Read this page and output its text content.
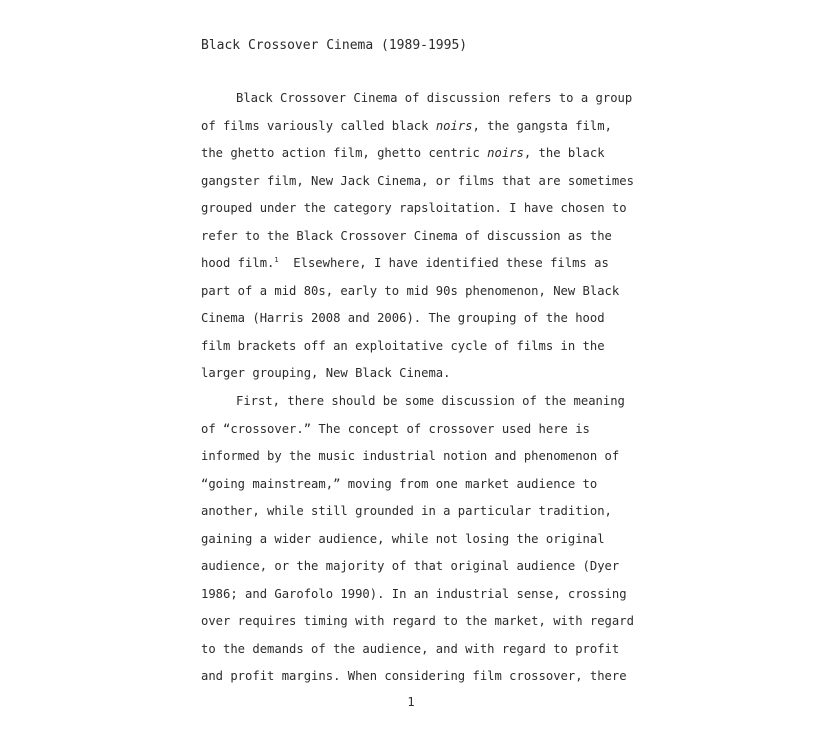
Black Crossover Cinema (1989-1995)
Black Crossover Cinema of discussion refers to a group
of films variously called black noirs, the gangsta film,
the ghetto action film, ghetto centric noirs, the black
gangster film, New Jack Cinema, or films that are sometimes
grouped under the category rapsloitation. I have chosen to
refer to the Black Crossover Cinema of discussion as the
hood film.$^1$  Elsewhere, I have identified these films as
part of a mid 80s, early to mid 90s phenomenon, New Black
Cinema (Harris 2008 and 2006). The grouping of the hood
film brackets off an exploitative cycle of films in the
larger grouping, New Black Cinema.
First, there should be some discussion of the meaning
of “crossover.” The concept of crossover used here is
informed by the music industrial notion and phenomenon of
“going mainstream,” moving from one market audience to
another, while still grounded in a particular tradition,
gaining a wider audience, while not losing the original
audience, or the majority of that original audience (Dyer
1986; and Garofolo 1990). In an industrial sense, crossing
over requires timing with regard to the market, with regard
to the demands of the audience, and with regard to profit
and profit margins. When considering film crossover, there
1
